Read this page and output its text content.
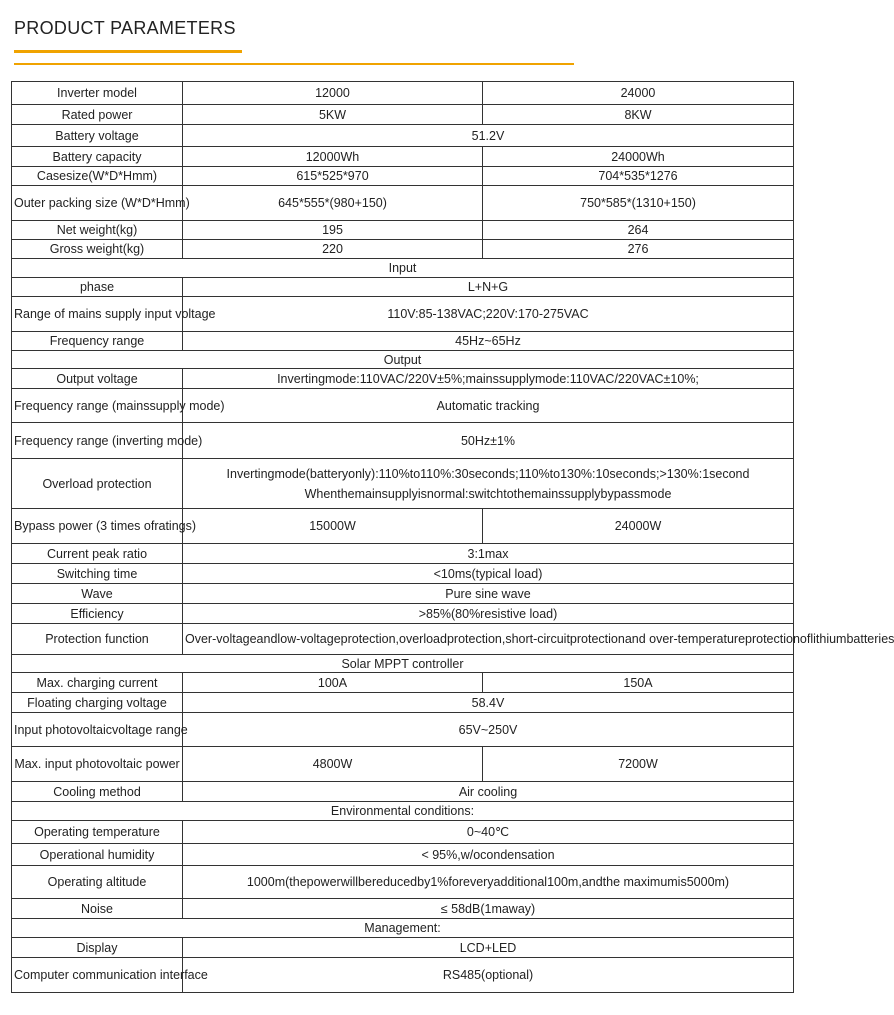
PRODUCT PARAMETERS
Inverter model	12000	24000
Rated power	5KW	8KW
Battery voltage	51.2V	
Battery capacity	12000Wh	24000Wh
Casesize(W*D*Hmm)	615*525*970	704*535*1276
Outer packing size (W*D*Hmm)	645*555*(980+150)	750*585*(1310+150)
Net weight(kg)	195	264
Gross weight(kg)	220	276
Input		
phase	L+N+G	
Range of mains supply input voltage	110V:85-138VAC;220V:170-275VAC	
Frequency range	45Hz~65Hz	
Output		
Output voltage	Invertingmode:110VAC/220V±5%;mainssupplymode:110VAC/220VAC±10%;	
Frequency range (mainssupply mode)	Automatic tracking	
Frequency range (inverting mode)	50Hz±1%	
Overload protection	Invertingmode(batteryonly):110%to110%:30seconds;110%to130%:10seconds;>130%:1second
Whenthemainsupplyisnormal:switchtothemainssupplybypassmode	

Bypass power (3 times ofratings)	15000W	24000W
Current peak ratio	3:1max	
Switching time	<10ms(typical load)	
Wave	Pure sine wave	
Efficiency	>85%(80%resistive load)	
Protection function	Over-voltageandlow-voltageprotection,overloadprotection,short-circuitprotectionand over-temperatureprotectionoflithiumbatteries	
Solar MPPT controller		
Max. charging current	100A	150A
Floating charging voltage	58.4V	
Input photovoltaicvoltage range	65V~250V	
Max. input photovoltaic power	4800W	7200W
Cooling method	Air cooling	
Environmental conditions:		
Operating temperature	0~40℃	
Operational humidity	< 95%,w/ocondensation	
Operating altitude	1000m(thepowerwillbereducedby1%foreveryadditional100m,andthe maximumis5000m)	
Noise	≤ 58dB(1maway)	
Management:		
Display	LCD+LED	
Computer communication interface	RS485(optional)	
